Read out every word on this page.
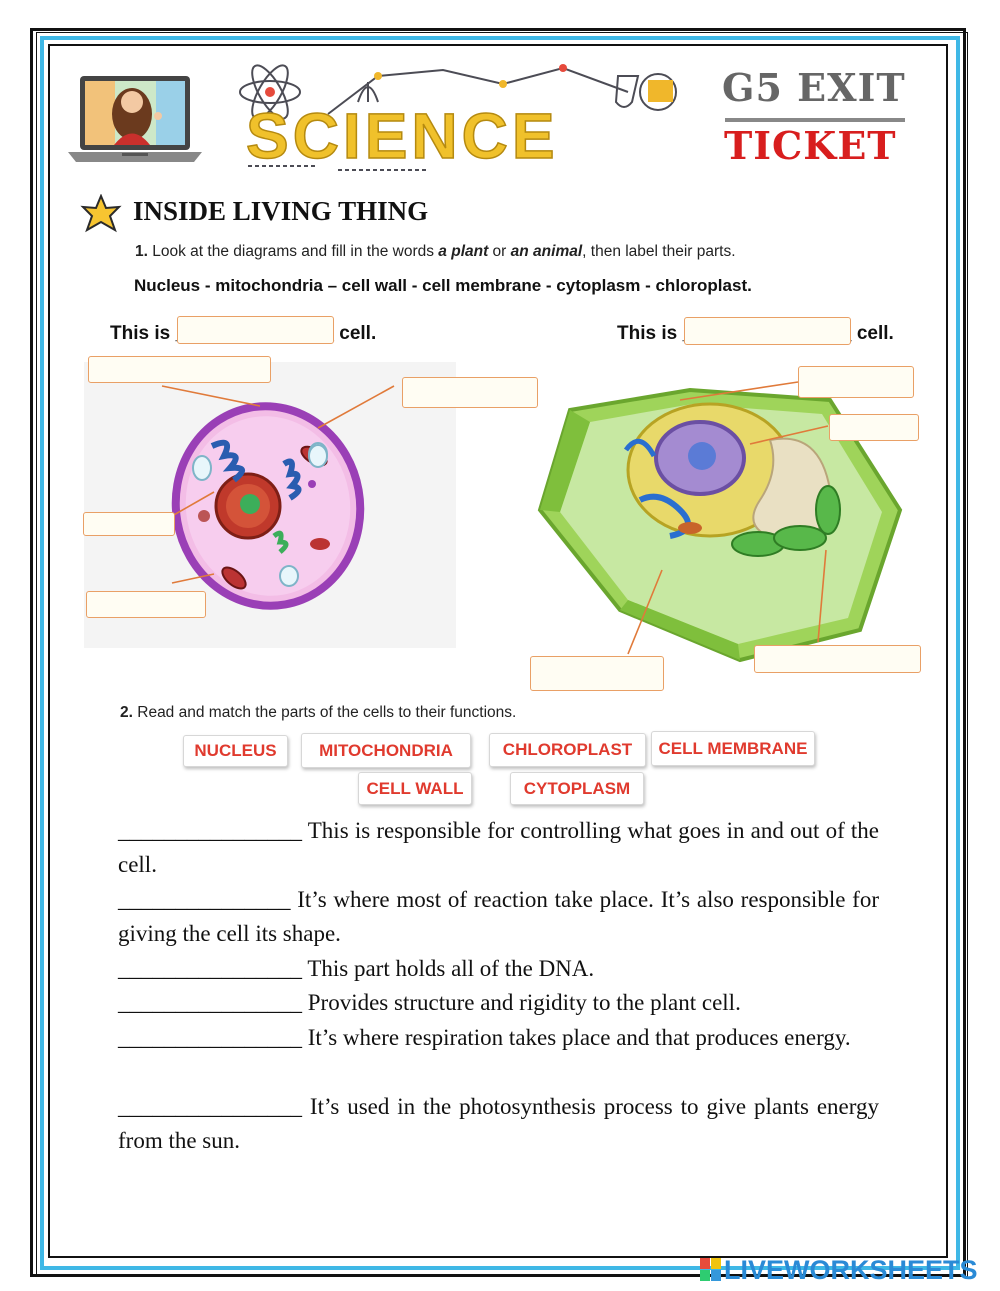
SCIENCE
G5 EXIT
TICKET
INSIDE LIVING THING
1. Look at the diagrams and fill in the words a plant or an animal, then label their parts.
Nucleus - mitochondria – cell wall - cell membrane - cytoplasm - chloroplast.
This is	cell.	This is	cell.
2. Read and match the parts of the cells to their functions.
NUCLEUS	MITOCHONDRIA	CHLOROPLAST	CELL MEMBRANE
CELL WALL	CYTOPLASM
________________ This is responsible for controlling what goes in and out of the cell.
_______________ It’s where most of reaction take place. It’s also responsible for giving the cell its shape.
________________ This part holds all of the DNA.
________________ Provides structure and rigidity to the plant cell.
________________ It’s where respiration takes place and that produces energy.
________________ It’s used in the photosynthesis process to give plants energy from the sun.
LIVEWORKSHEETS
